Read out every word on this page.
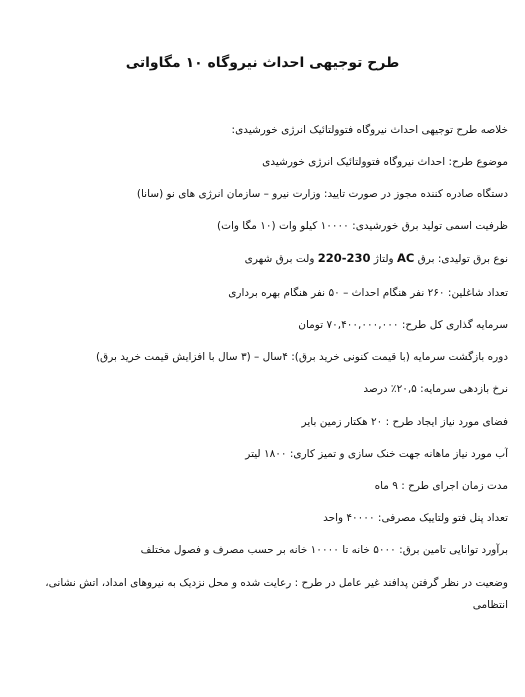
طرح توجیهی احداث نیروگاه ۱۰ مگاواتی
خلاصه طرح توجیهی احداث نیروگاه فتوولتائیک انرژی خورشیدی:
موضوع طرح: احداث نیروگاه فتوولتائیک انرژی خورشیدی
دستگاه صادره کننده مجوز در صورت تایید: وزارت نیرو – سازمان انرژی های نو (سانا)
ظرفیت اسمی تولید برق خورشیدی: ۱۰۰۰۰ کیلو وات (۱۰ مگا وات)
نوع برق تولیدی: برق AC ولتاژ 220-230 ولت برق شهری
تعداد شاغلین: ۲۶۰ نفر هنگام احداث – ۵۰ نفر هنگام بهره برداری
سرمایه گذاری کل طرح: ۷۰,۴۰۰,۰۰۰,۰۰۰ تومان
دوره بازگشت سرمایه (با قیمت کنونی خرید برق): ۴سال – (۳ سال با افزایش قیمت خرید برق)
نرخ بازدهی سرمایه: ۲۰,۵٪ درصد
فضای مورد نیاز ایجاد طرح : ۲۰ هکتار زمین بایر
آب مورد نیاز ماهانه جهت خنک سازی و تمیز کاری: ۱۸۰۰ لیتر
مدت زمان اجرای طرح : ۹ ماه
تعداد پنل فتو ولتاییک مصرفی: ۴۰۰۰۰ واحد
برآورد توانایی تامین برق: ۵۰۰۰ خانه تا ۱۰۰۰۰ خانه بر حسب مصرف و فصول مختلف
وضعیت در نظر گرفتن پدافند غیر عامل در طرح : رعایت شده و محل نزدیک به نیروهای امداد، اتش نشانی، انتظامی
